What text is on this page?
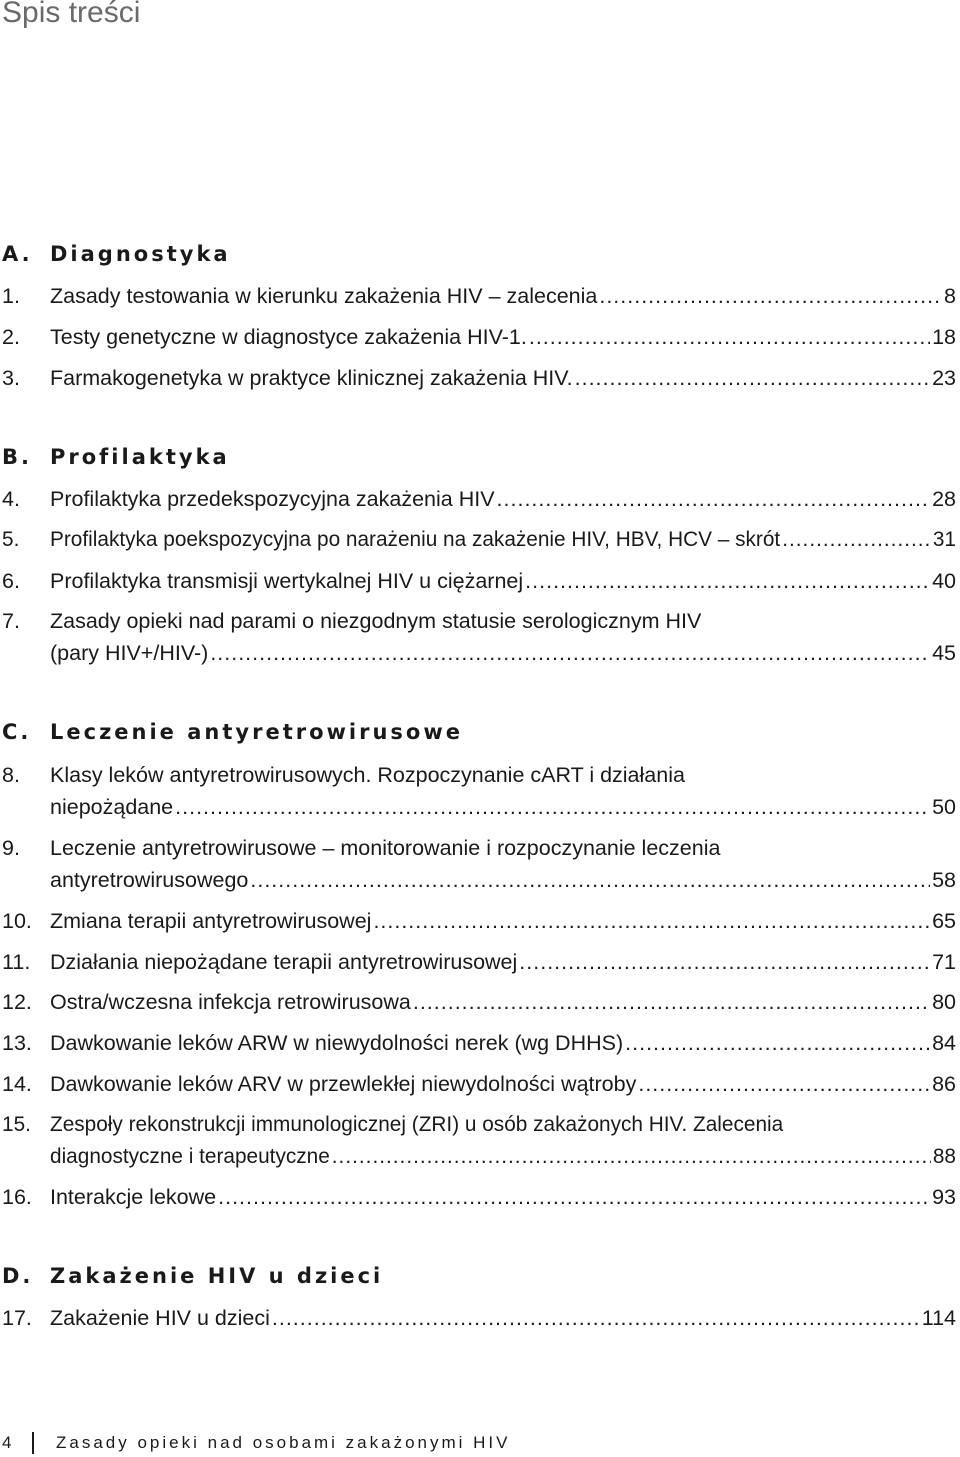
Spis treści
A. Diagnostyka
1. Zasady testowania w kierunku zakażenia HIV – zalecenia .....	8
2. Testy genetyczne w diagnostyce zakażenia HIV-1. .....	18
3. Farmakogenetyka w praktyce klinicznej zakażenia HIV. .....	23
B. Profilaktyka
4. Profilaktyka przedekspozycyjna zakażenia HIV .....	28
5. Profilaktyka poekspozycyjna po narażeniu na zakażenie HIV, HBV, HCV – skrót .....	31
6. Profilaktyka transmisji wertykalnej HIV u ciężarnej .....	40
7. Zasady opieki nad parami o niezgodnym statusie serologicznym HIV
(pary HIV+/HIV-) .....	45
C. Leczenie antyretrowirusowe
8. Klasy leków antyretrowirusowych. Rozpoczynanie cART i działania
niepożądane .....	50
9. Leczenie antyretrowirusowe – monitorowanie i rozpoczynanie leczenia
antyretrowirusowego .....	58
10. Zmiana terapii antyretrowirusowej .....	65
11. Działania niepożądane terapii antyretrowirusowej .....	71
12. Ostra/wczesna infekcja retrowirusowa .....	80
13. Dawkowanie leków ARW w niewydolności nerek (wg DHHS) .....	84
14. Dawkowanie leków ARV w przewlekłej niewydolności wątroby .....	86
15. Zespoły rekonstrukcji immunologicznej (ZRI) u osób zakażonych HIV. Zalecenia
diagnostyczne i terapeutyczne .....	88
16. Interakcje lekowe .....	93
D. Zakażenie HIV u dzieci
17. Zakażenie HIV u dzieci .....	114
4	Zasady opieki nad osobami zakażonymi HIV
